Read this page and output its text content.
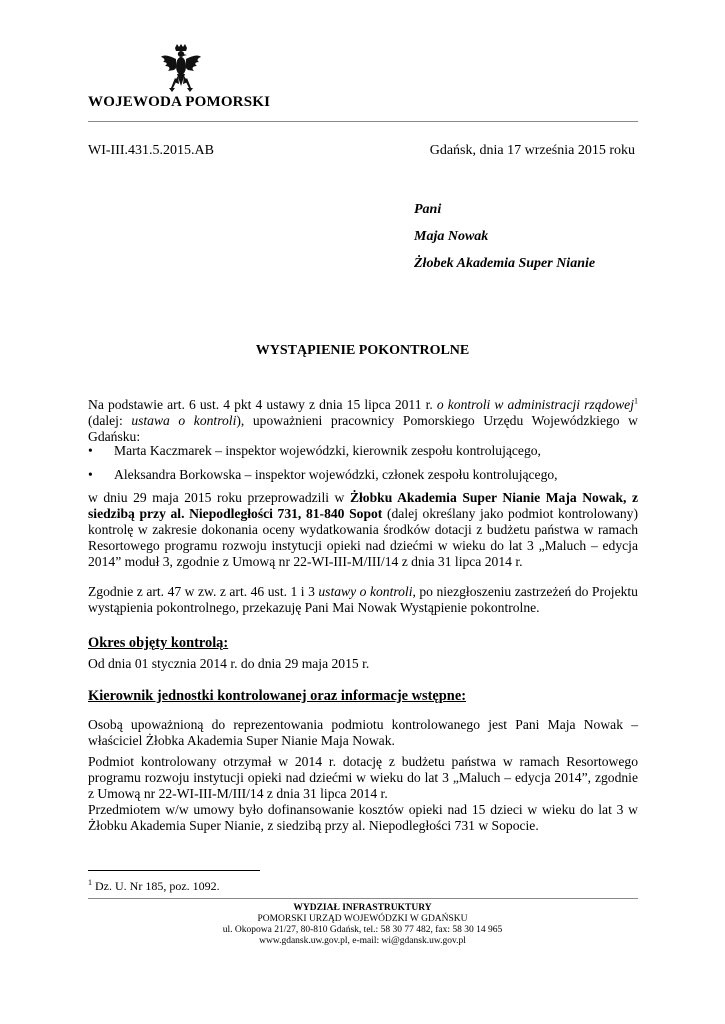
WOJEWODA POMORSKI
WI-III.431.5.2015.AB	Gdańsk, dnia 17 września 2015 roku
Pani
Maja Nowak
Żłobek Akademia Super Nianie
WYSTĄPIENIE POKONTROLNE
Na podstawie art. 6 ust. 4 pkt 4 ustawy z dnia 15 lipca 2011 r. o kontroli w administracji rządowej$^1$ (dalej: ustawa o kontroli), upoważnieni pracownicy Pomorskiego Urzędu Wojewódzkiego w Gdańsku:
• Marta Kaczmarek – inspektor wojewódzki, kierownik zespołu kontrolującego,
• Aleksandra Borkowska – inspektor wojewódzki, członek zespołu kontrolującego,
w dniu 29 maja 2015 roku przeprowadzili w Żłobku Akademia Super Nianie Maja Nowak, z siedzibą przy al. Niepodległości 731, 81-840 Sopot (dalej określany jako podmiot kontrolowany) kontrolę w zakresie dokonania oceny wydatkowania środków dotacji z budżetu państwa w ramach Resortowego programu rozwoju instytucji opieki nad dziećmi w wieku do lat 3 „Maluch – edycja 2014” moduł 3, zgodnie z Umową nr 22-WI-III-M/III/14 z dnia 31 lipca 2014 r.
Zgodnie z art. 47 w zw. z art. 46 ust. 1 i 3 ustawy o kontroli, po niezgłoszeniu zastrzeżeń do Projektu wystąpienia pokontrolnego, przekazuję Pani Mai Nowak Wystąpienie pokontrolne.
Okres objęty kontrolą:
Od dnia 01 stycznia 2014 r. do dnia 29 maja 2015 r.
Kierownik jednostki kontrolowanej oraz informacje wstępne:
Osobą upoważnioną do reprezentowania podmiotu kontrolowanego jest Pani Maja Nowak – właściciel Żłobka Akademia Super Nianie Maja Nowak.
Podmiot kontrolowany otrzymał w 2014 r. dotację z budżetu państwa w ramach Resortowego programu rozwoju instytucji opieki nad dziećmi w wieku do lat 3 „Maluch – edycja 2014”, zgodnie z Umową nr 22-WI-III-M/III/14 z dnia 31 lipca 2014 r.
Przedmiotem w/w umowy było dofinansowanie kosztów opieki nad 15 dzieci w wieku do lat 3 w Żłobku Akademia Super Nianie, z siedzibą przy al. Niepodległości 731 w Sopocie.
$^1$ Dz. U. Nr 185, poz. 1092.
WYDZIAŁ INFRASTRUKTURY
POMORSKI URZĄD WOJEWÓDZKI W GDAŃSKU
ul. Okopowa 21/27, 80-810 Gdańsk, tel.: 58 30 77 482, fax: 58 30 14 965
www.gdansk.uw.gov.pl, e-mail: wi@gdansk.uw.gov.pl
